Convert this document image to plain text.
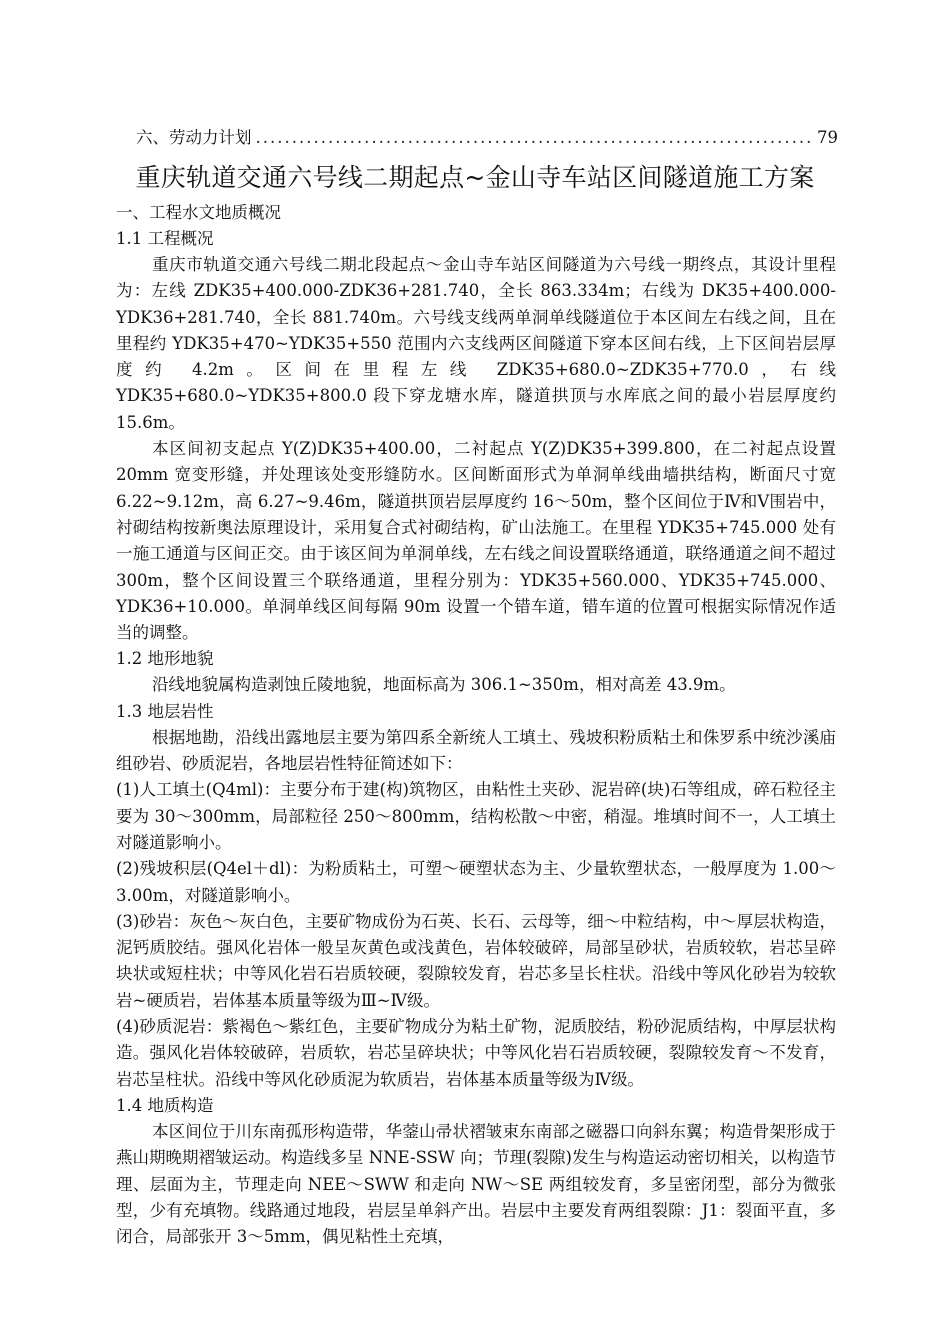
六、劳动力计划
.....	79
重庆轨道交通六号线二期起点~金山寺车站区间隧道施工方案

一、工程水文地质概况

1.1 工程概况

重庆市轨道交通六号线二期北段起点～金山寺车站区间隧道为六号线一期终点，其设计里程为：左线 ZDK35+400.000-ZDK36+281.740，全长 863.334m；右线为 DK35+400.000-YDK36+281.740，全长 881.740m。六号线支线两单洞单线隧道位于本区间左右线之间，且在里程约 YDK35+470~YDK35+550 范围内六支线两区间隧道下穿本区间右线，上下区间岩层厚度约 4.2m。区间在里程左线 ZDK35+680.0~ZDK35+770.0，右线 YDK35+680.0~YDK35+800.0 段下穿龙塘水库，隧道拱顶与水库底之间的最小岩层厚度约 15.6m。

本区间初支起点 Y(Z)DK35+400.00，二衬起点 Y(Z)DK35+399.800，在二衬起点设置 20mm 宽变形缝，并处理该处变形缝防水。区间断面形式为单洞单线曲墙拱结构，断面尺寸宽 6.22~9.12m，高 6.27~9.46m，隧道拱顶岩层厚度约 16～50m，整个区间位于Ⅳ和Ⅴ围岩中，衬砌结构按新奥法原理设计，采用复合式衬砌结构，矿山法施工。在里程 YDK35+745.000 处有一施工通道与区间正交。由于该区间为单洞单线，左右线之间设置联络通道，联络通道之间不超过 300m，整个区间设置三个联络通道，里程分别为：YDK35+560.000、YDK35+745.000、YDK36+10.000。单洞单线区间每隔 90m 设置一个错车道，错车道的位置可根据实际情况作适当的调整。

1.2 地形地貌

沿线地貌属构造剥蚀丘陵地貌，地面标高为 306.1~350m，相对高差 43.9m。

1.3 地层岩性

根据地勘，沿线出露地层主要为第四系全新统人工填土、残坡积粉质粘土和侏罗系中统沙溪庙组砂岩、砂质泥岩，各地层岩性特征简述如下：

(1)人工填土(Q4ml)：主要分布于建(构)筑物区，由粘性土夹砂、泥岩碎(块)石等组成，碎石粒径主要为 30～300mm，局部粒径 250～800mm，结构松散～中密，稍湿。堆填时间不一，人工填土对隧道影响小。

(2)残坡积层(Q4el＋dl)：为粉质粘土，可塑～硬塑状态为主、少量软塑状态，一般厚度为 1.00～3.00m，对隧道影响小。

(3)砂岩：灰色～灰白色，主要矿物成份为石英、长石、云母等，细～中粒结构，中～厚层状构造，泥钙质胶结。强风化岩体一般呈灰黄色或浅黄色，岩体较破碎，局部呈砂状，岩质较软，岩芯呈碎块状或短柱状；中等风化岩石岩质较硬，裂隙较发育，岩芯多呈长柱状。沿线中等风化砂岩为较软岩~硬质岩，岩体基本质量等级为Ⅲ~Ⅳ级。

(4)砂质泥岩：紫褐色～紫红色，主要矿物成分为粘土矿物，泥质胶结，粉砂泥质结构，中厚层状构造。强风化岩体较破碎，岩质软，岩芯呈碎块状；中等风化岩石岩质较硬，裂隙较发育～不发育，岩芯呈柱状。沿线中等风化砂质泥为软质岩，岩体基本质量等级为Ⅳ级。

1.4 地质构造

本区间位于川东南孤形构造带，华蓥山帚状褶皱束东南部之磁器口向斜东翼；构造骨架形成于燕山期晚期褶皱运动。构造线多呈 NNE-SSW 向；节理(裂隙)发生与构造运动密切相关，以构造节理、层面为主，节理走向 NEE～SWW 和走向 NW～SE 两组较发育，多呈密闭型，部分为微张型，少有充填物。线路通过地段，岩层呈单斜产出。岩层中主要发育两组裂隙：J1：裂面平直，多闭合，局部张开 3～5mm，偶见粘性土充填，
